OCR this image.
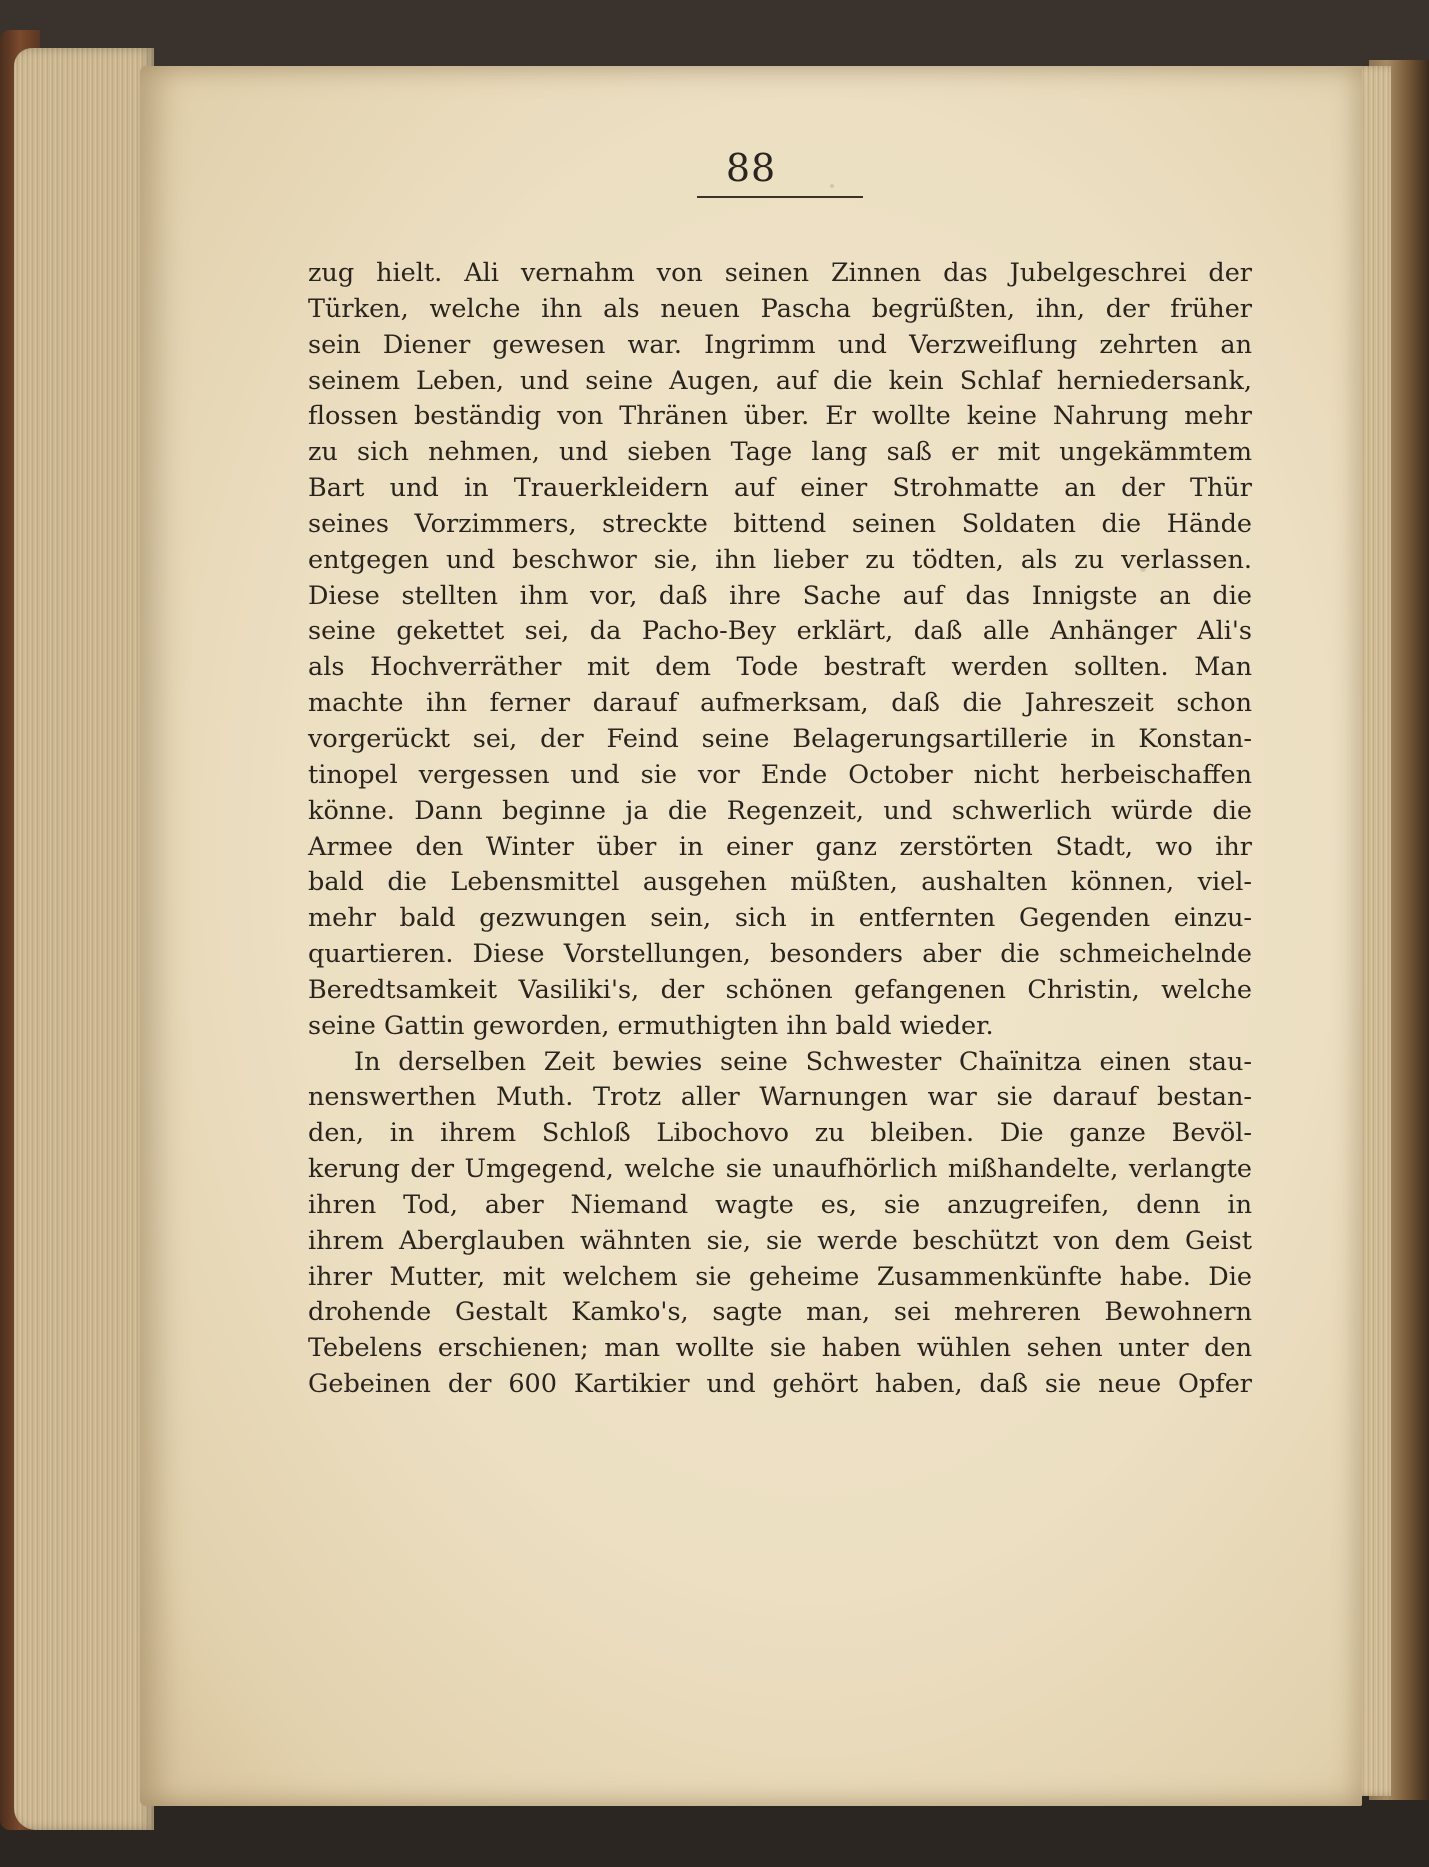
88
zug hielt. Ali vernahm von seinen Zinnen das Jubelgeschrei der
Türken, welche ihn als neuen Pascha begrüßten, ihn, der früher
sein Diener gewesen war. Ingrimm und Verzweiflung zehrten an
seinem Leben, und seine Augen, auf die kein Schlaf herniedersank,
flossen beständig von Thränen über. Er wollte keine Nahrung mehr
zu sich nehmen, und sieben Tage lang saß er mit ungekämmtem
Bart und in Trauerkleidern auf einer Strohmatte an der Thür
seines Vorzimmers, streckte bittend seinen Soldaten die Hände
entgegen und beschwor sie, ihn lieber zu tödten, als zu verlassen.
Diese stellten ihm vor, daß ihre Sache auf das Innigste an die
seine gekettet sei, da Pacho-Bey erklärt, daß alle Anhänger Ali's
als Hochverräther mit dem Tode bestraft werden sollten. Man
machte ihn ferner darauf aufmerksam, daß die Jahreszeit schon
vorgerückt sei, der Feind seine Belagerungsartillerie in Konstan-
tinopel vergessen und sie vor Ende October nicht herbeischaffen
könne. Dann beginne ja die Regenzeit, und schwerlich würde die
Armee den Winter über in einer ganz zerstörten Stadt, wo ihr
bald die Lebensmittel ausgehen müßten, aushalten können, viel-
mehr bald gezwungen sein, sich in entfernten Gegenden einzu-
quartieren. Diese Vorstellungen, besonders aber die schmeichelnde
Beredtsamkeit Vasiliki's, der schönen gefangenen Christin, welche
seine Gattin geworden, ermuthigten ihn bald wieder.
In derselben Zeit bewies seine Schwester Chaïnitza einen stau-
nenswerthen Muth. Trotz aller Warnungen war sie darauf bestan-
den, in ihrem Schloß Libochovo zu bleiben. Die ganze Bevöl-
kerung der Umgegend, welche sie unaufhörlich mißhandelte, verlangte
ihren Tod, aber Niemand wagte es, sie anzugreifen, denn in
ihrem Aberglauben wähnten sie, sie werde beschützt von dem Geist
ihrer Mutter, mit welchem sie geheime Zusammenkünfte habe. Die
drohende Gestalt Kamko's, sagte man, sei mehreren Bewohnern
Tebelens erschienen; man wollte sie haben wühlen sehen unter den
Gebeinen der 600 Kartikier und gehört haben, daß sie neue Opfer
